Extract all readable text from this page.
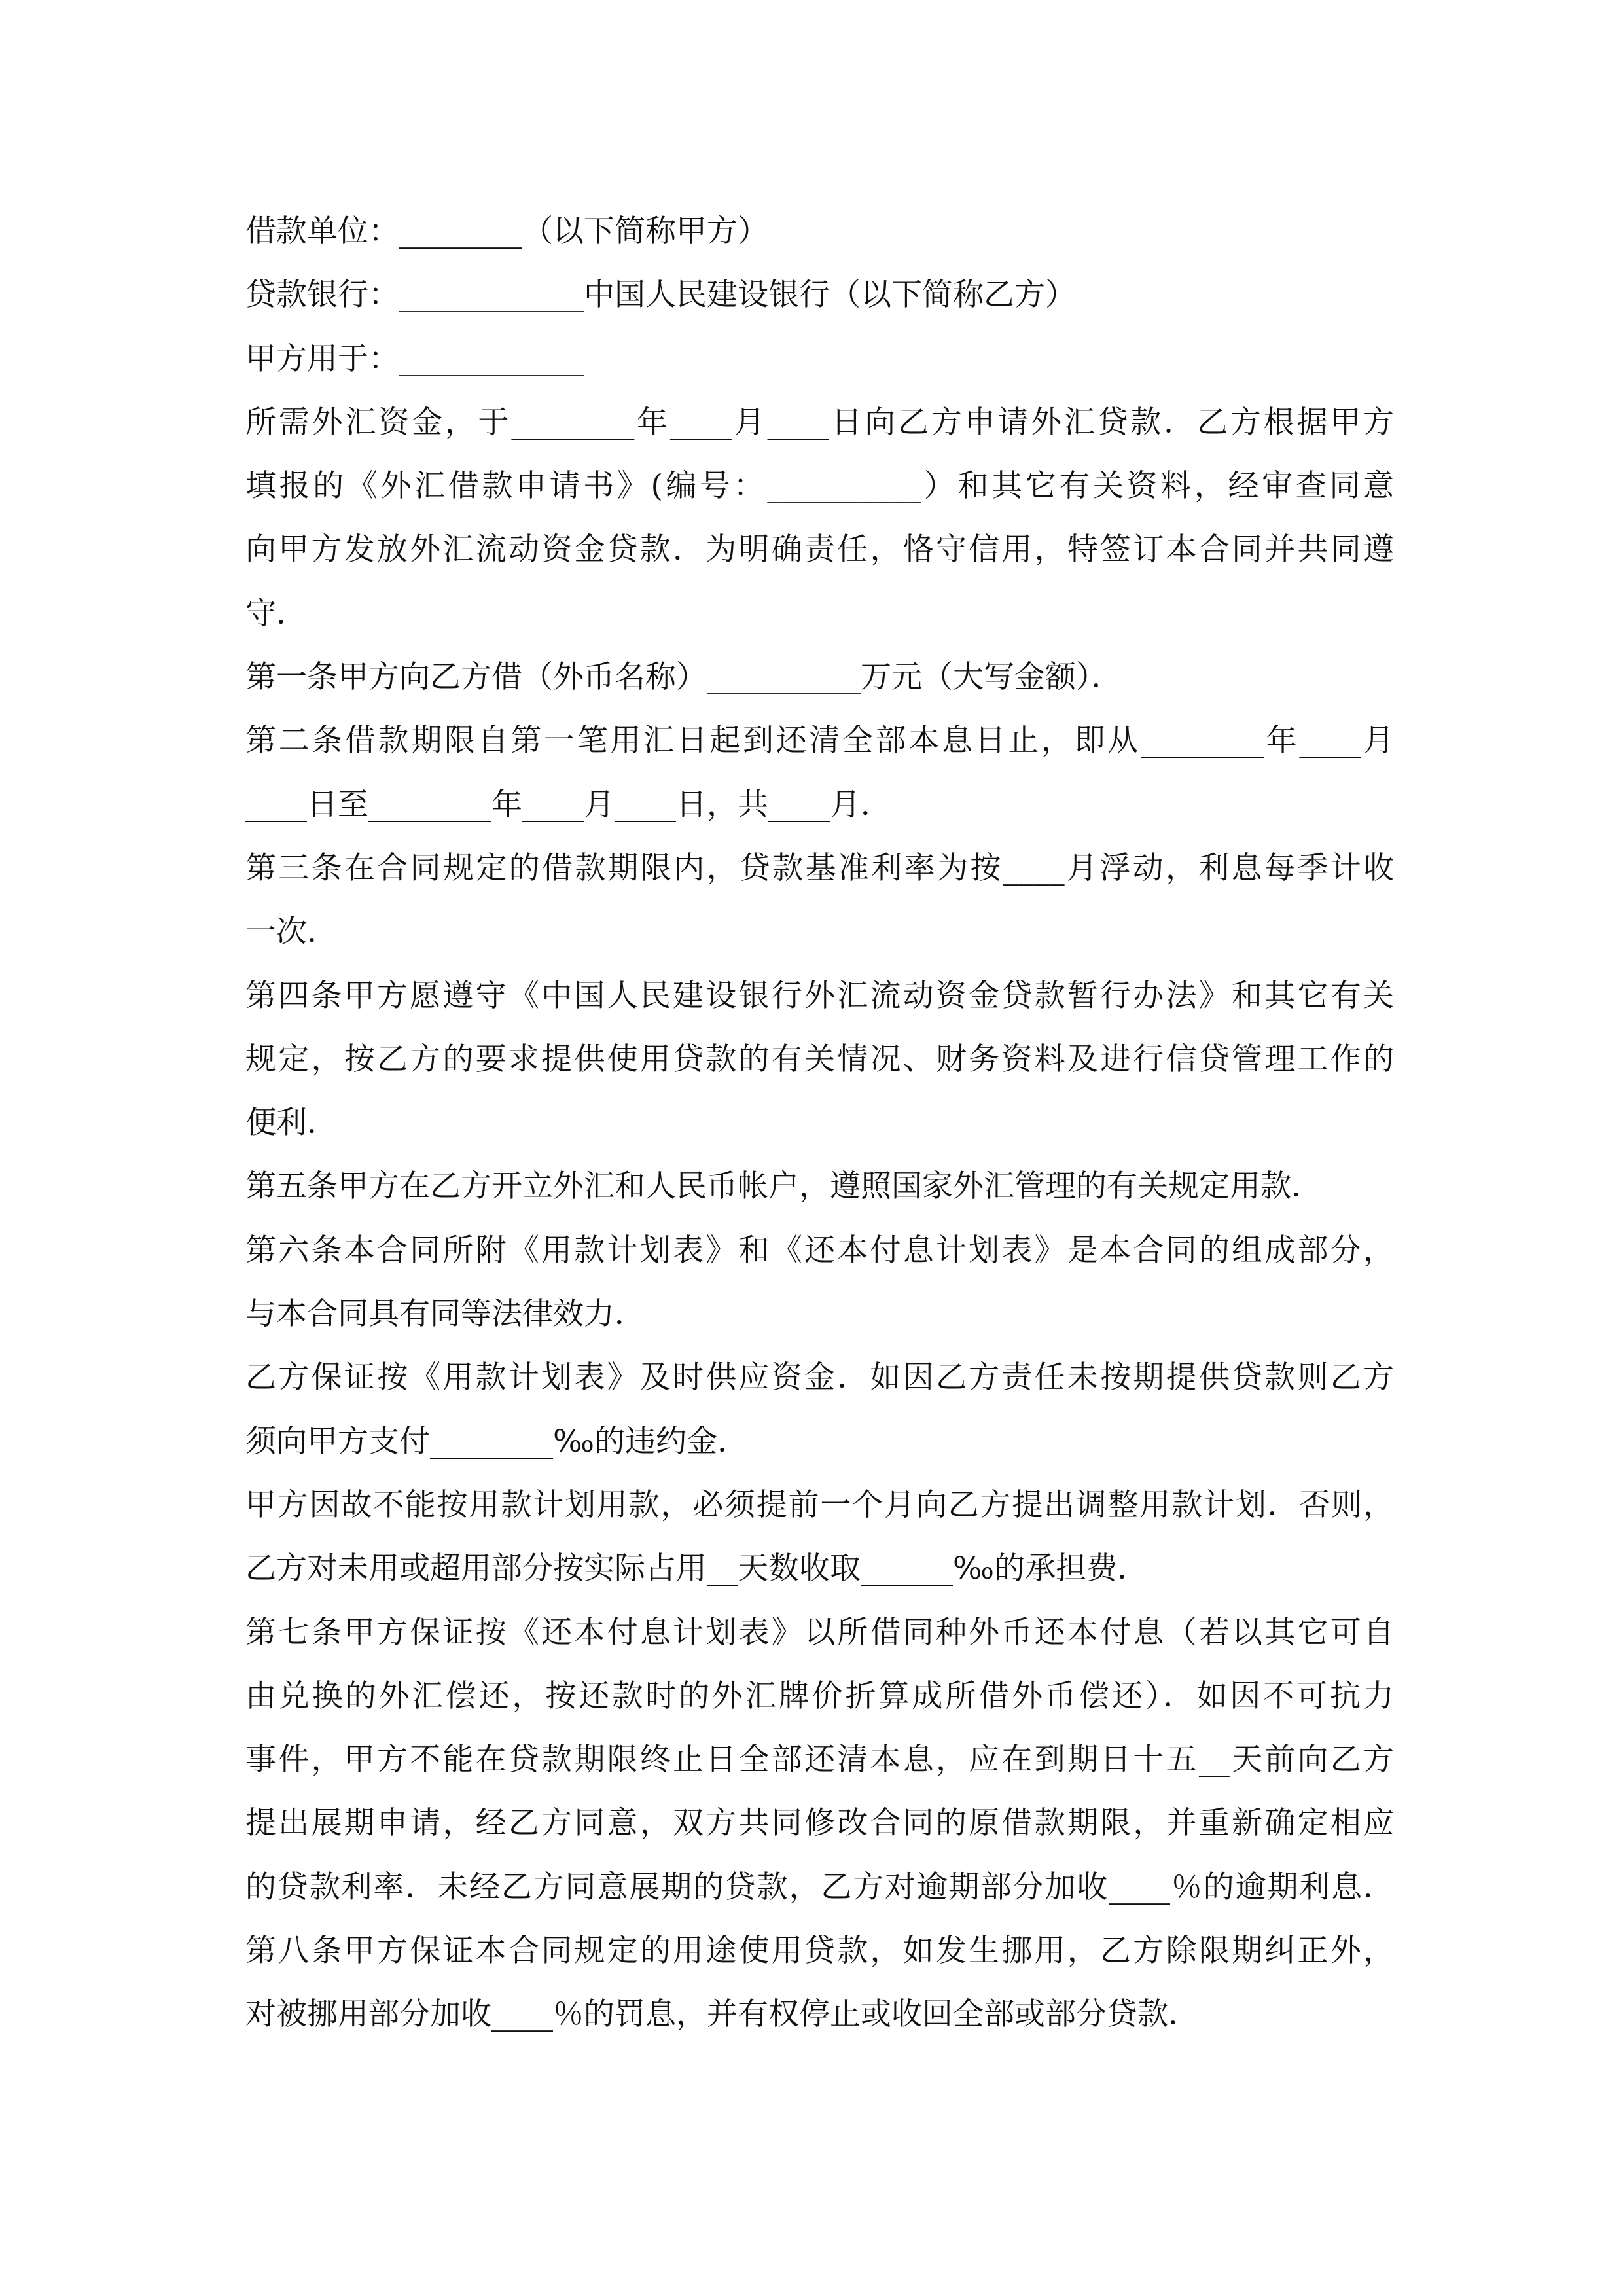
借款单位：________（以下简称甲方）
贷款银行：____________中国人民建设银行（以下简称乙方）
甲方用于：____________
所需外汇资金，于________年____月____日向乙方申请外汇贷款．乙方根据甲方
填报的《外汇借款申请书》(编号：__________）和其它有关资料，经审查同意
向甲方发放外汇流动资金贷款．为明确责任，恪守信用，特签订本合同并共同遵
守．
第一条甲方向乙方借（外币名称）__________万元（大写金额）．
第二条借款期限自第一笔用汇日起到还清全部本息日止，即从________年____月
____日至________年____月____日，共____月．
第三条在合同规定的借款期限内，贷款基准利率为按____月浮动，利息每季计收
一次．
第四条甲方愿遵守《中国人民建设银行外汇流动资金贷款暂行办法》和其它有关
规定，按乙方的要求提供使用贷款的有关情况、财务资料及进行信贷管理工作的
便利．
第五条甲方在乙方开立外汇和人民币帐户，遵照国家外汇管理的有关规定用款．
第六条本合同所附《用款计划表》和《还本付息计划表》是本合同的组成部分，
与本合同具有同等法律效力．
乙方保证按《用款计划表》及时供应资金．如因乙方责任未按期提供贷款则乙方
须向甲方支付________‰的违约金．
甲方因故不能按用款计划用款，必须提前一个月向乙方提出调整用款计划．否则，
乙方对未用或超用部分按实际占用__天数收取______‰的承担费．
第七条甲方保证按《还本付息计划表》以所借同种外币还本付息（若以其它可自
由兑换的外汇偿还，按还款时的外汇牌价折算成所借外币偿还）．如因不可抗力
事件，甲方不能在贷款期限终止日全部还清本息，应在到期日十五__天前向乙方
提出展期申请，经乙方同意，双方共同修改合同的原借款期限，并重新确定相应
的贷款利率．未经乙方同意展期的贷款，乙方对逾期部分加收____％的逾期利息．
第八条甲方保证本合同规定的用途使用贷款，如发生挪用，乙方除限期纠正外，
对被挪用部分加收____％的罚息，并有权停止或收回全部或部分贷款．
